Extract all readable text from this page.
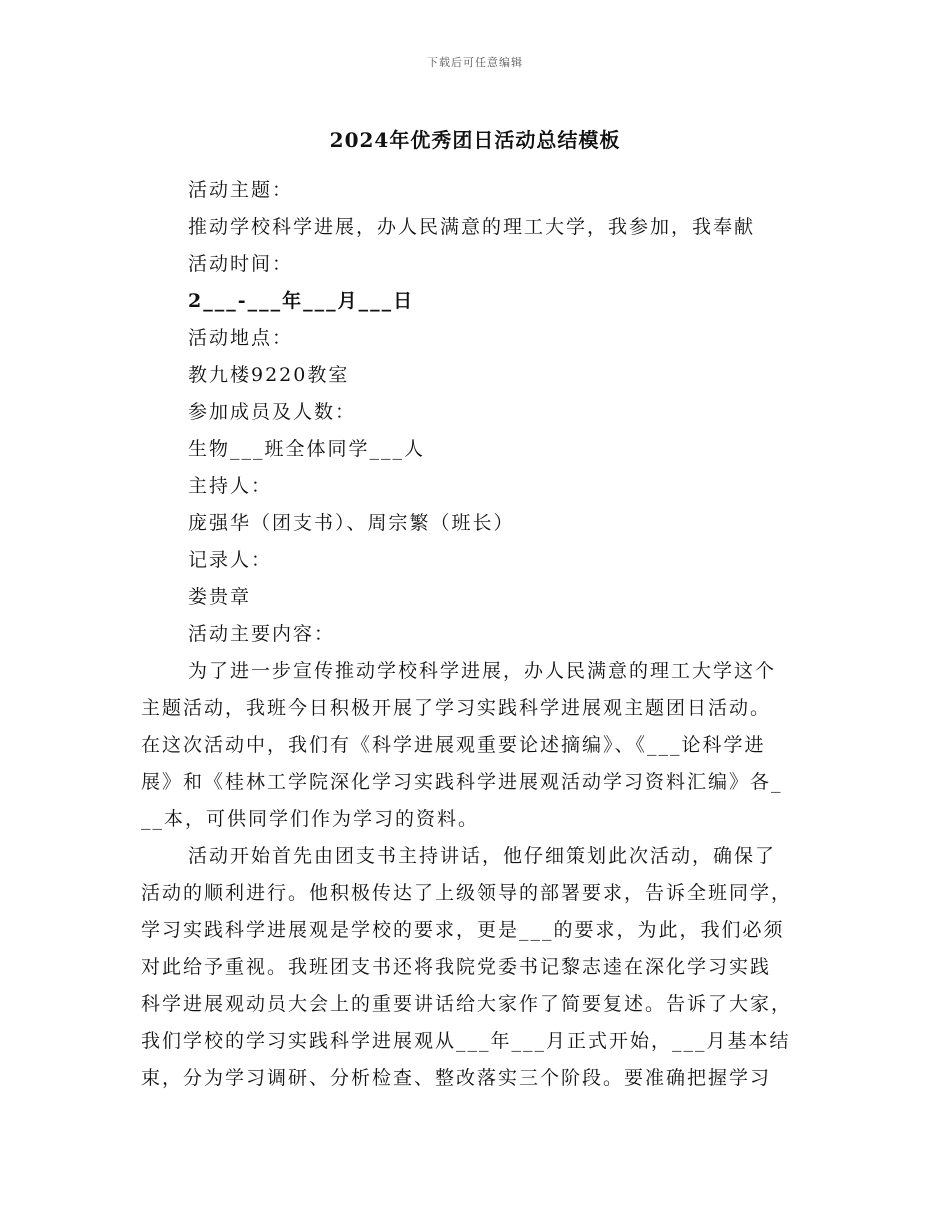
下载后可任意编辑
2024年优秀团日活动总结模板
活动主题：
推动学校科学进展，办人民满意的理工大学，我参加，我奉献
活动时间：
2___-___年___月___日
活动地点：
教九楼9220教室
参加成员及人数：
生物___班全体同学___人
主持人：
庞强华（团支书）、周宗繁（班长）
记录人：
娄贵章
活动主要内容：
为了进一步宣传推动学校科学进展，办人民满意的理工大学这个
主题活动，我班今日积极开展了学习实践科学进展观主题团日活动。
在这次活动中，我们有《科学进展观重要论述摘编》、《___论科学进
展》和《桂林工学院深化学习实践科学进展观活动学习资料汇编》各_
__本，可供同学们作为学习的资料。
活动开始首先由团支书主持讲话，他仔细策划此次活动，确保了
活动的顺利进行。他积极传达了上级领导的部署要求，告诉全班同学，
学习实践科学进展观是学校的要求，更是___的要求，为此，我们必须
对此给予重视。我班团支书还将我院党委书记黎志逵在深化学习实践
科学进展观动员大会上的重要讲话给大家作了简要复述。告诉了大家，
我们学校的学习实践科学进展观从___年___月正式开始，___月基本结
束，分为学习调研、分析检查、整改落实三个阶段。要准确把握学习
